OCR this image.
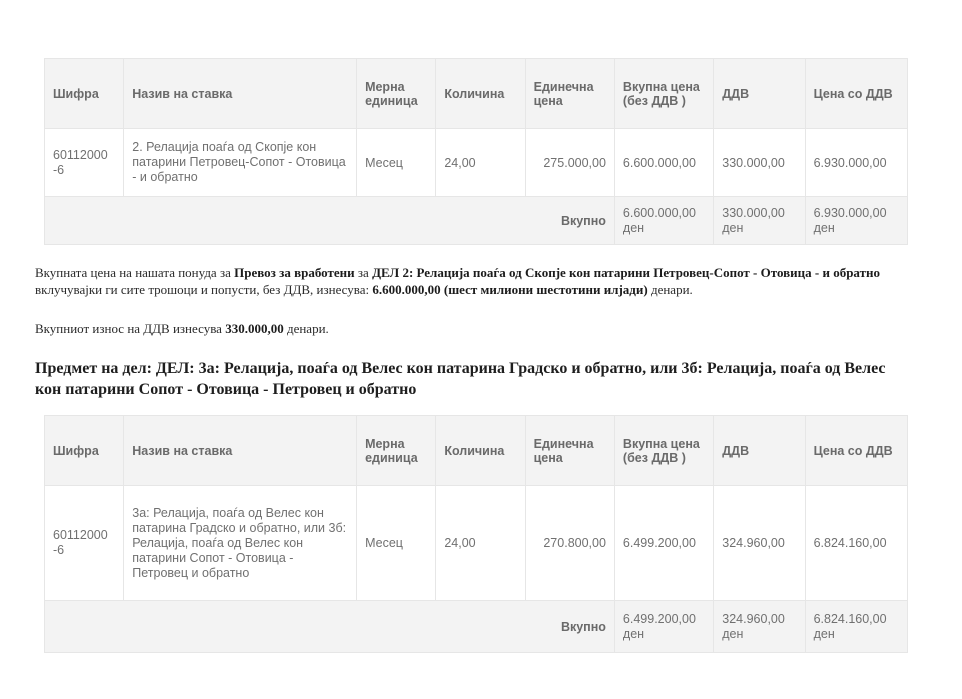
Шифра	Назив на ставка	Мерна единица	Количина	Единечна цена	Вкупна цена (без ДДВ )	ДДВ	Цена со ДДВ

60112000 -6	2. Релација поаѓа од Скопје кон патарини Петровец-Сопот - Отовица - и обратно	Месец	24,00	275.000,00	6.600.000,00	330.000,00	6.930.000,00
Вкупно					6.600.000,00 ден	330.000,00 ден	6.930.000,00 ден
Вкупната цена на нашата понуда за Превоз за вработени за ДЕЛ 2: Релација поаѓа од Скопје кон патарини Петровец-Сопот - Отовица - и обратно вклучувајки ги сите трошоци и попусти, без ДДВ, изнесува: 6.600.000,00 (шест милиони шестотини илјади) денари.
Вкупниот износ на ДДВ изнесува 330.000,00 денари.
Предмет на дел: ДЕЛ: 3а: Релација, поаѓа од Велес кон патарина Градско и обратно, или 3б: Релација, поаѓа од Велес кон патарини Сопот - Отовица - Петровец и обратно
Шифра	Назив на ставка	Мерна единица	Количина	Единечна цена	Вкупна цена (без ДДВ )	ДДВ	Цена со ДДВ

60112000 -6	3а: Релација, поаѓа од Велес кон патарина Градско и обратно, или 3б: Релација, поаѓа од Велес кон патарини Сопот - Отовица - Петровец и обратно	Месец	24,00	270.800,00	6.499.200,00	324.960,00	6.824.160,00
Вкупно					6.499.200,00 ден	324.960,00 ден	6.824.160,00 ден
